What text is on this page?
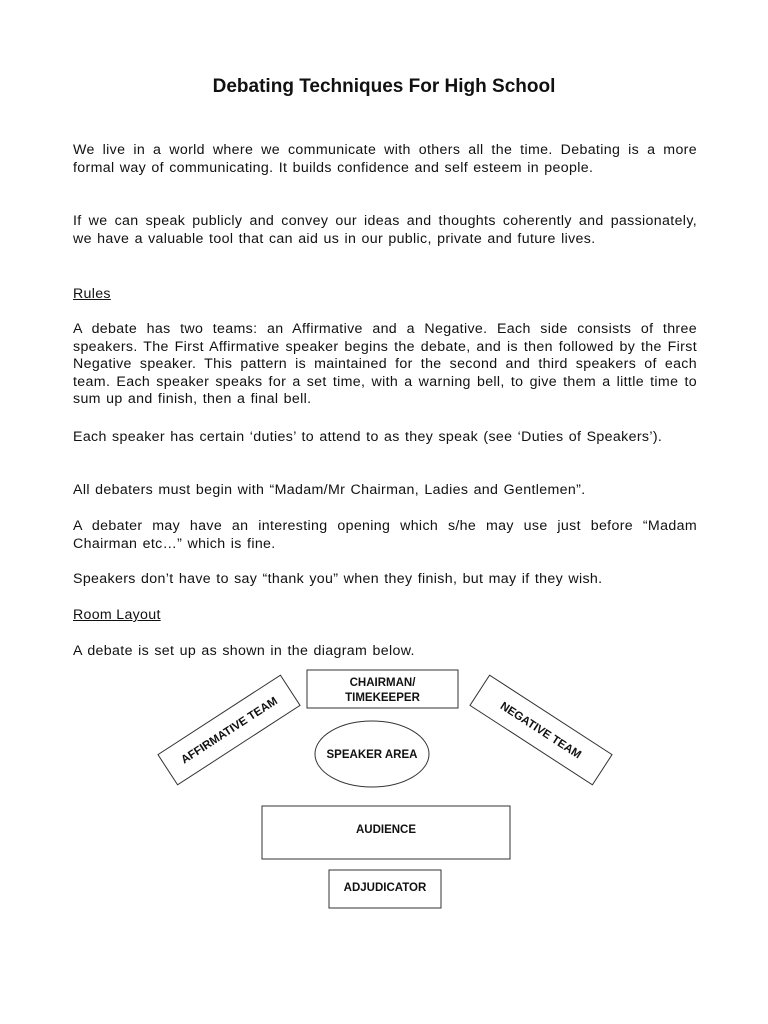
Debating Techniques For High School

We live in a world where we communicate with others all the time. Debating is a more formal way of communicating. It builds confidence and self esteem in people.

If we can speak publicly and convey our ideas and thoughts coherently and passionately, we have a valuable tool that can aid us in our public, private and future lives.

Rules

A debate has two teams: an Affirmative and a Negative. Each side consists of three speakers. The First Affirmative speaker begins the debate, and is then followed by the First Negative speaker. This pattern is maintained for the second and third speakers of each team. Each speaker speaks for a set time, with a warning bell, to give them a little time to sum up and finish, then a final bell.

Each speaker has certain ‘duties’ to attend to as they speak (see ‘Duties of Speakers’).

All debaters must begin with “Madam/Mr Chairman, Ladies and Gentlemen”.

A debater may have an interesting opening which s/he may use just before “Madam Chairman etc…” which is fine.

Speakers don’t have to say “thank you” when they finish, but may if they wish.

Room Layout

A debate is set up as shown in the diagram below.

CHAIRMAN/
TIMEKEEPER
AFFIRMATIVE TEAM	NEGATIVE TEAM
SPEAKER AREA
AUDIENCE
ADJUDICATOR
